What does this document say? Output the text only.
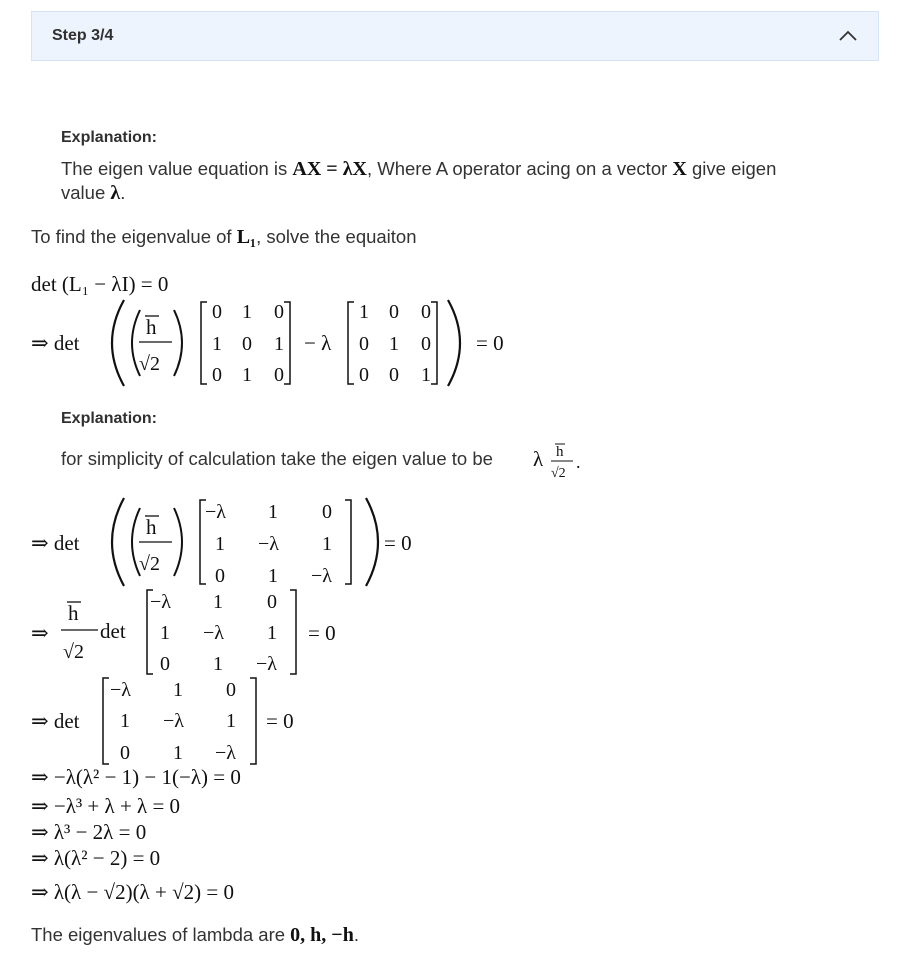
Step 3/4
Explanation:
The eigen value equation is AX = λX, Where A operator acing on a vector X give eigen
value λ.
To find the eigenvalue of L₁, solve the equaiton
det (L₁ − λI) = 0
⇒ det
h
√2
0 1 0
1 0 1
0 1 0
− λ
1 0 0
0 1 0
0 0 1
= 0
Explanation:
for simplicity of calculation take the eigen value to be λ h
√2
.
⇒ det
h
√2
−λ 1 0
1 −λ 1
0 1 −λ
= 0
⇒
h
√2
det
−λ 1 0
1 −λ 1
0 1 −λ
= 0
⇒ det
−λ 1 0
1 −λ 1
0 1 −λ
= 0
⇒ −λ(λ² − 1) − 1(−λ) = 0
⇒ −λ³ + λ + λ = 0
⇒ λ³ − 2λ = 0
⇒ λ(λ² − 2) = 0
⇒ λ(λ − √2)(λ + √2) = 0
The eigenvalues of lambda are 0, h, −h.
